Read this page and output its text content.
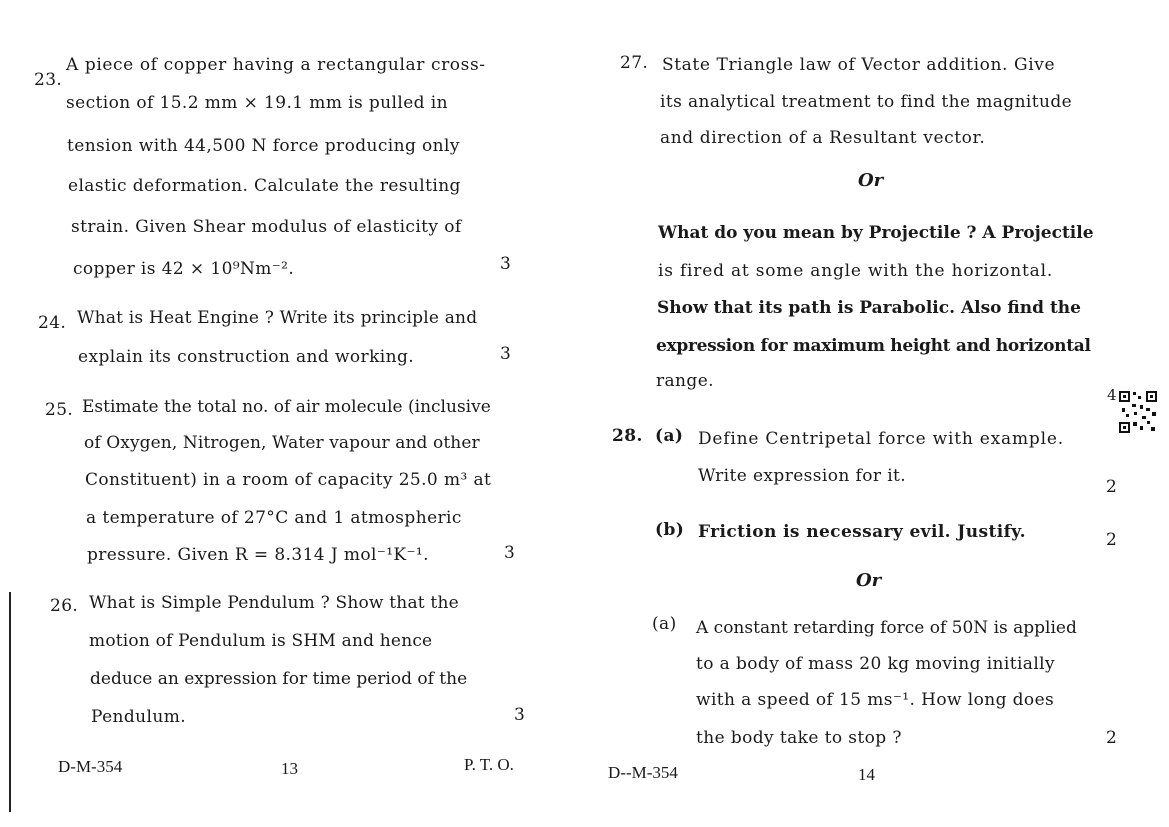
23.
A piece of copper having a rectangular cross-
section of 15.2 mm × 19.1 mm is pulled in
tension with 44,500 N force producing only
elastic deformation. Calculate the resulting
strain. Given Shear modulus of elasticity of
copper is 42 × 10⁹Nm⁻².	3
24. What is Heat Engine ? Write its principle and
explain its construction and working.	3
25. Estimate the total no. of air molecule (inclusive
of Oxygen, Nitrogen, Water vapour and other
Constituent) in a room of capacity 25.0 m³ at
a temperature of 27°C and 1 atmospheric
pressure. Given R = 8.314 J mol⁻¹K⁻¹.	3
26. What is Simple Pendulum ? Show that the
motion of Pendulum is SHM and hence
deduce an expression for time period of the
Pendulum.	3
D-M-354	13	P. T. O.
27. State Triangle law of Vector addition. Give
its analytical treatment to find the magnitude
and direction of a Resultant vector.
Or
What do you mean by Projectile ? A Projectile
is fired at some angle with the horizontal.
Show that its path is Parabolic. Also find the
expression for maximum height and horizontal
range.
4
28. (a) Define Centripetal force with example.
Write expression for it.
2
(b) Friction is necessary evil. Justify.	2
Or
(a) A constant retarding force of 50N is applied
to a body of mass 20 kg moving initially
with a speed of 15 ms⁻¹. How long does
the body take to stop ?	2
D--M-354	14
